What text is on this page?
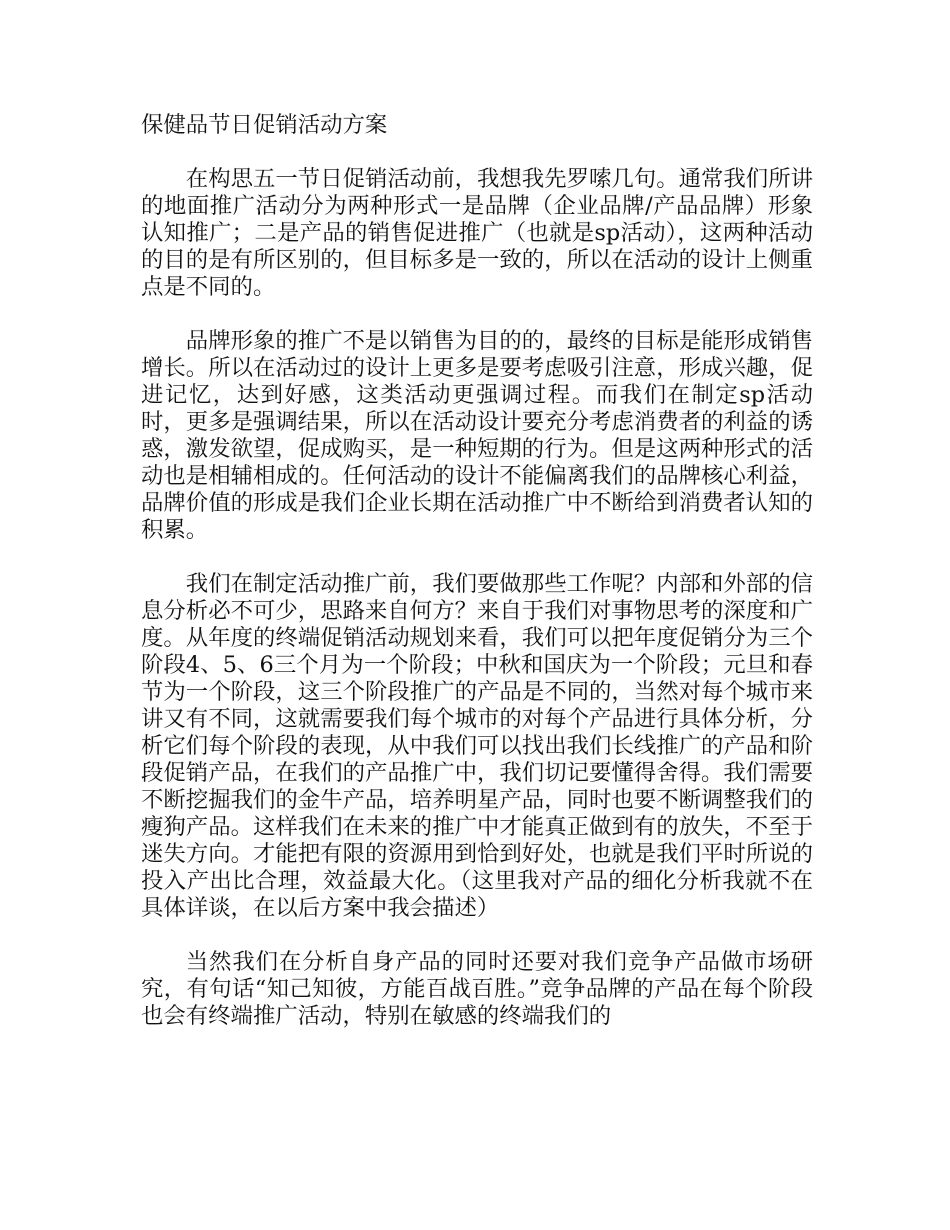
保健品节日促销活动方案

在构思五一节日促销活动前，我想我先罗嗦几句。通常我们所讲的地面推广活动分为两种形式一是品牌（企业品牌/产品品牌）形象认知推广；二是产品的销售促进推广（也就是sp活动），这两种活动的目的是有所区别的，但目标多是一致的，所以在活动的设计上侧重点是不同的。

品牌形象的推广不是以销售为目的的，最终的目标是能形成销售增长。所以在活动过的设计上更多是要考虑吸引注意，形成兴趣，促进记忆，达到好感，这类活动更强调过程。而我们在制定sp活动时，更多是强调结果，所以在活动设计要充分考虑消费者的利益的诱惑，激发欲望，促成购买，是一种短期的行为。但是这两种形式的活动也是相辅相成的。任何活动的设计不能偏离我们的品牌核心利益，品牌价值的形成是我们企业长期在活动推广中不断给到消费者认知的积累。

我们在制定活动推广前，我们要做那些工作呢？内部和外部的信息分析必不可少，思路来自何方？来自于我们对事物思考的深度和广度。从年度的终端促销活动规划来看，我们可以把年度促销分为三个阶段4、5、6三个月为一个阶段；中秋和国庆为一个阶段；元旦和春节为一个阶段，这三个阶段推广的产品是不同的，当然对每个城市来讲又有不同，这就需要我们每个城市的对每个产品进行具体分析，分析它们每个阶段的表现，从中我们可以找出我们长线推广的产品和阶段促销产品，在我们的产品推广中，我们切记要懂得舍得。我们需要不断挖掘我们的金牛产品，培养明星产品，同时也要不断调整我们的瘦狗产品。这样我们在未来的推广中才能真正做到有的放失，不至于迷失方向。才能把有限的资源用到恰到好处，也就是我们平时所说的投入产出比合理，效益最大化。（这里我对产品的细化分析我就不在具体详谈，在以后方案中我会描述）

当然我们在分析自身产品的同时还要对我们竞争产品做市场研究，有句话“知己知彼，方能百战百胜。”竞争品牌的产品在每个阶段也会有终端推广活动，特别在敏感的终端我们的
